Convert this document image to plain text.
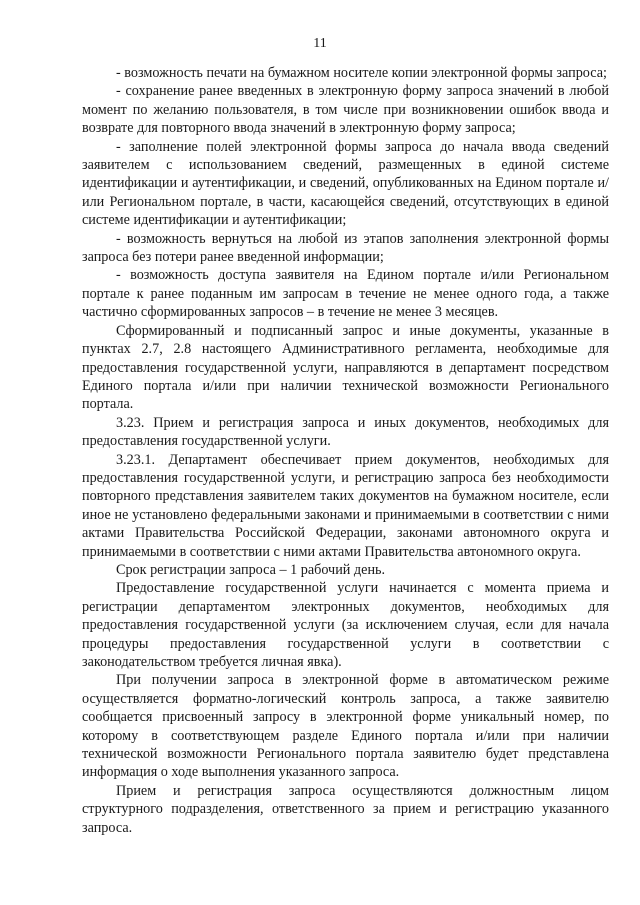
11

- возможность печати на бумажном носителе копии электронной формы запроса;

- сохранение ранее введенных в электронную форму запроса значений в любой момент по желанию пользователя, в том числе при возникновении ошибок ввода и возврате для повторного ввода значений в электронную форму запроса;

- заполнение полей электронной формы запроса до начала ввода сведений заявителем с использованием сведений, размещенных в единой системе идентификации и аутентификации, и сведений, опубликованных на Едином портале и/или Региональном портале, в части, касающейся сведений, отсутствующих в единой системе идентификации и аутентификации;

- возможность вернуться на любой из этапов заполнения электронной формы запроса без потери ранее введенной информации;

- возможность доступа заявителя на Едином портале и/или Региональном портале к ранее поданным им запросам в течение не менее одного года, а также частично сформированных запросов – в течение не менее 3 месяцев.

Сформированный и подписанный запрос и иные документы, указанные в пунктах 2.7, 2.8 настоящего Административного регламента, необходимые для предоставления государственной услуги, направляются в департамент посредством Единого портала и/или при наличии технической возможности Регионального портала.

3.23. Прием и регистрация запроса и иных документов, необходимых для предоставления государственной услуги.

3.23.1. Департамент обеспечивает прием документов, необходимых для предоставления государственной услуги, и регистрацию запроса без необходимости повторного представления заявителем таких документов на бумажном носителе, если иное не установлено федеральными законами и принимаемыми в соответствии с ними актами Правительства Российской Федерации, законами автономного округа и принимаемыми в соответствии с ними актами Правительства автономного округа.

Срок регистрации запроса – 1 рабочий день.

Предоставление государственной услуги начинается с момента приема и регистрации департаментом электронных документов, необходимых для предоставления государственной услуги (за исключением случая, если для начала процедуры предоставления государственной услуги в соответствии с законодательством требуется личная явка).

При получении запроса в электронной форме в автоматическом режиме осуществляется форматно-логический контроль запроса, а также заявителю сообщается присвоенный запросу в электронной форме уникальный номер, по которому в соответствующем разделе Единого портала и/или при наличии технической возможности Регионального портала заявителю будет представлена информация о ходе выполнения указанного запроса.

Прием и регистрация запроса осуществляются должностным лицом структурного подразделения, ответственного за прием и регистрацию указанного запроса.
